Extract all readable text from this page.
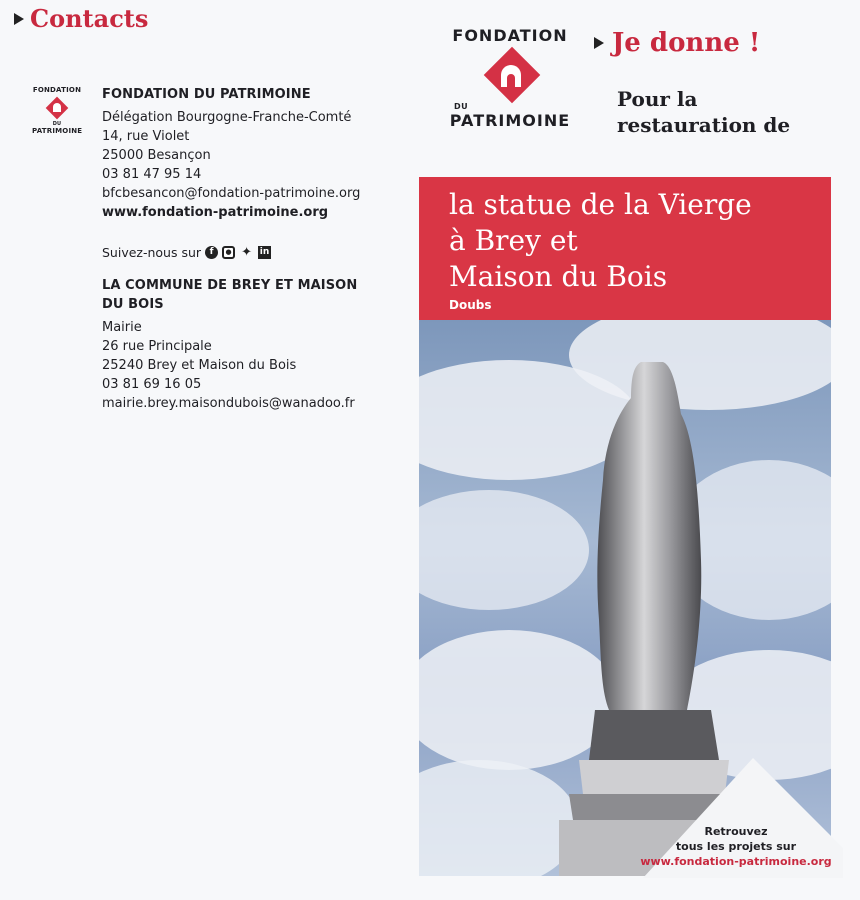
Contacts
FONDATION
DU
PATRIMOINE
FONDATION DU PATRIMOINE
Délégation Bourgogne-Franche-Comté
14, rue Violet
25000 Besançon
03 81 47 95 14
bfcbesancon@fondation-patrimoine.org
www.fondation-patrimoine.org
Suivez-nous sur f	● ✦ in
LA COMMUNE DE BREY ET MAISON DU BOIS
Mairie
26 rue Principale
25240 Brey et Maison du Bois
03 81 69 16 05
mairie.brey.maisondubois@wanadoo.fr
FONDATION
DU
PATRIMOINE
Je donne !
Pour la
restauration de
la statue de la Vierge
à Brey et
Maison du Bois
Doubs
Retrouvez
tous les projets sur
www.fondation-patrimoine.org
